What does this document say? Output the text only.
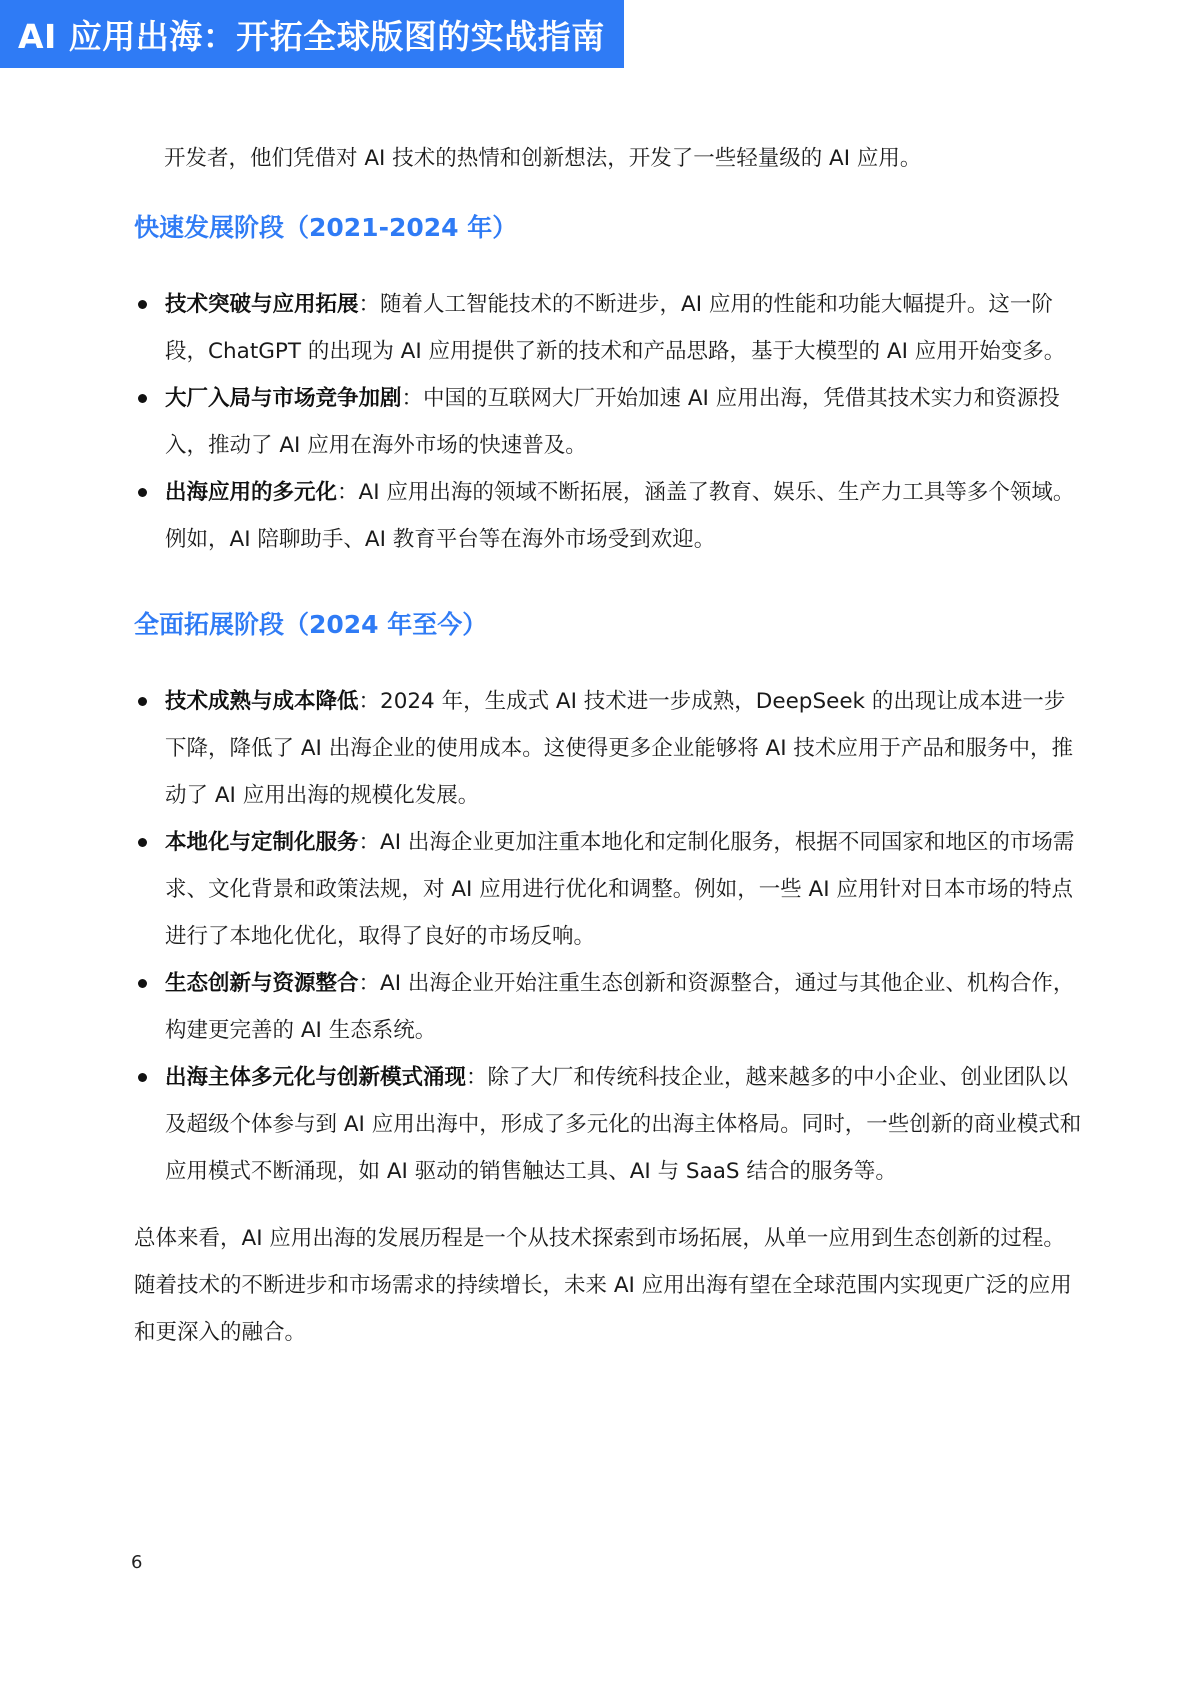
AI 应用出海：开拓全球版图的实战指南

开发者，他们凭借对 AI 技术的热情和创新想法，开发了一些轻量级的 AI 应用。

快速发展阶段（2021-2024 年）
技术突破与应用拓展：随着人工智能技术的不断进步，AI 应用的性能和功能大幅提升。这一阶段，ChatGPT 的出现为 AI 应用提供了新的技术和产品思路，基于大模型的 AI 应用开始变多。
大厂入局与市场竞争加剧：中国的互联网大厂开始加速 AI 应用出海，凭借其技术实力和资源投入，推动了 AI 应用在海外市场的快速普及。
出海应用的多元化：AI 应用出海的领域不断拓展，涵盖了教育、娱乐、生产力工具等多个领域。例如，AI 陪聊助手、AI 教育平台等在海外市场受到欢迎。
全面拓展阶段（2024 年至今）
技术成熟与成本降低：2024 年，生成式 AI 技术进一步成熟，DeepSeek 的出现让成本进一步下降，降低了 AI 出海企业的使用成本。这使得更多企业能够将 AI 技术应用于产品和服务中，推动了 AI 应用出海的规模化发展。
本地化与定制化服务：AI 出海企业更加注重本地化和定制化服务，根据不同国家和地区的市场需求、文化背景和政策法规，对 AI 应用进行优化和调整。例如，一些 AI 应用针对日本市场的特点进行了本地化优化，取得了良好的市场反响。
生态创新与资源整合：AI 出海企业开始注重生态创新和资源整合，通过与其他企业、机构合作，构建更完善的 AI 生态系统。
出海主体多元化与创新模式涌现：除了大厂和传统科技企业，越来越多的中小企业、创业团队以及超级个体参与到 AI 应用出海中，形成了多元化的出海主体格局。同时，一些创新的商业模式和应用模式不断涌现，如 AI 驱动的销售触达工具、AI 与 SaaS 结合的服务等。

总体来看，AI 应用出海的发展历程是一个从技术探索到市场拓展，从单一应用到生态创新的过程。随着技术的不断进步和市场需求的持续增长，未来 AI 应用出海有望在全球范围内实现更广泛的应用和更深入的融合。

6
